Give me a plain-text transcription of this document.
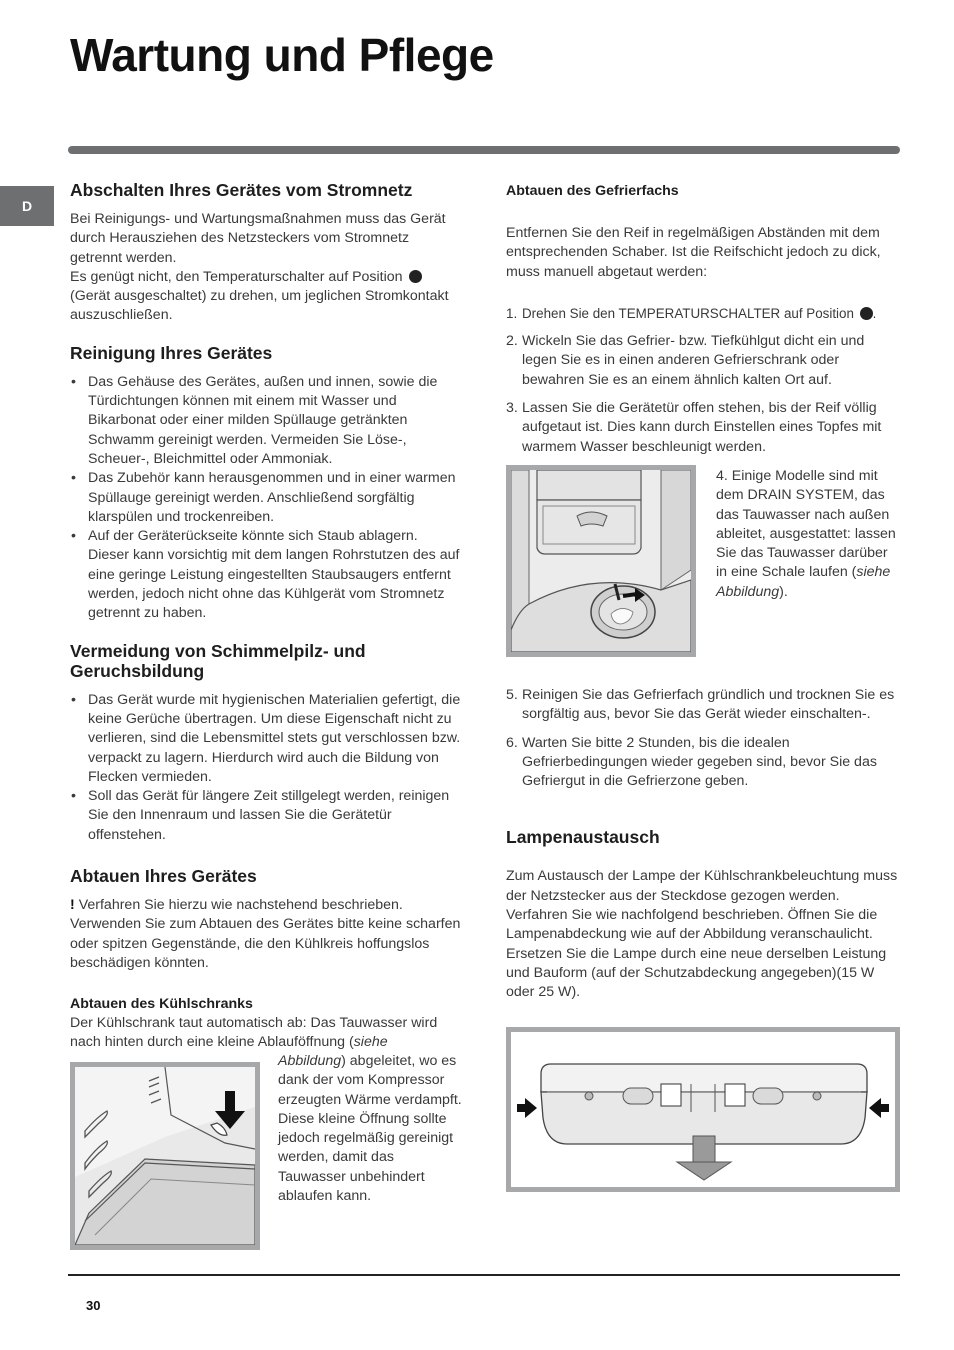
Wartung und Pflege
D
Abschalten Ihres Gerätes vom Stromnetz

Bei Reinigungs- und Wartungsmaßnahmen muss das Gerät durch Herausziehen des Netzsteckers vom Stromnetz getrennt werden.

Es genügt nicht, den Temperaturschalter auf Position
(Gerät ausgeschaltet) zu drehen, um jeglichen Stromkontakt auszuschließen.

Reinigung Ihres Gerätes
• Das Gehäuse des Gerätes, außen und innen, sowie die Türdichtungen können mit einem mit Wasser und Bikarbonat oder einer milden Spüllauge getränkten Schwamm gereinigt werden. Vermeiden Sie Löse-, Scheuer-, Bleichmittel oder Ammoniak.
• Das Zubehör kann herausgenommen und in einer warmen Spüllauge gereinigt werden. Anschließend sorgfältig klarspülen und trockenreiben.
• Auf der Geräterückseite könnte sich Staub ablagern. Dieser kann vorsichtig mit dem langen Rohrstutzen des auf eine geringe Leistung eingestellten Staubsaugers entfernt werden, jedoch nicht ohne das Kühlgerät vom Stromnetz getrennt zu haben.
Vermeidung von Schimmelpilz- und Geruchsbildung
• Das Gerät wurde mit hygienischen Materialien gefertigt, die keine Gerüche übertragen. Um diese Eigenschaft nicht zu verlieren, sind die Lebensmittel stets gut verschlossen bzw. verpackt zu lagern. Hierdurch wird auch die Bildung von Flecken vermieden.
• Soll das Gerät für längere Zeit stillgelegt werden, reinigen Sie den Innenraum und lassen Sie die Gerätetür offenstehen.
Abtauen Ihres Gerätes

! Verfahren Sie hierzu wie nachstehend beschrieben. Verwenden Sie zum Abtauen des Gerätes bitte keine scharfen oder spitzen Gegenstände, die den Kühlkreis hoffungslos beschädigen könnten.

Abtauen des Kühlschranks

Der Kühlschrank taut automatisch ab: Das Tauwasser wird nach hinten durch eine kleine Ablauföffnung (siehe

Abbildung) abgeleitet, wo es dank der vom Kompressor erzeugten Wärme verdampft. Diese kleine Öffnung sollte jedoch regelmäßig gereinigt werden, damit das Tauwasser unbehindert ablaufen kann.

Abtauen des Gefrierfachs

Entfernen Sie den Reif in regelmäßigen Abständen mit dem entsprechenden Schaber. Ist die Reifschicht jedoch zu dick, muss manuell abgetaut werden:

1. Drehen Sie den TEMPERATURSCHALTER auf Position .
2. Wickeln Sie das Gefrier- bzw. Tiefkühlgut dicht ein und legen Sie es in einen anderen Gefrierschrank oder bewahren Sie es an einem ähnlich kalten Ort auf.
3. Lassen Sie die Gerätetür offen stehen, bis der Reif völlig aufgetaut ist. Dies kann durch Einstellen eines Topfes mit warmem Wasser beschleunigt werden.

4. Einige Modelle sind mit dem DRAIN SYSTEM, das das Tauwasser nach außen ableitet, ausgestattet: lassen Sie das Tauwasser darüber in eine Schale laufen (siehe Abbildung).

5. Reinigen Sie das Gefrierfach gründlich und trocknen Sie es sorgfältig aus, bevor Sie das Gerät wieder einschalten-.
6. Warten Sie bitte 2 Stunden, bis die idealen Gefrierbedingungen wieder gegeben sind, bevor Sie das Gefriergut in die Gefrierzone geben.
Lampenaustausch

Zum Austausch der Lampe der Kühlschrankbeleuchtung muss der Netzstecker aus der Steckdose gezogen werden. Verfahren Sie wie nachfolgend beschrieben. Öffnen Sie die Lampenabdeckung wie auf der Abbildung veranschaulicht. Ersetzen Sie die Lampe durch eine neue derselben Leistung und Bauform (auf der Schutzabdeckung angegeben)(15 W oder 25 W).

30
